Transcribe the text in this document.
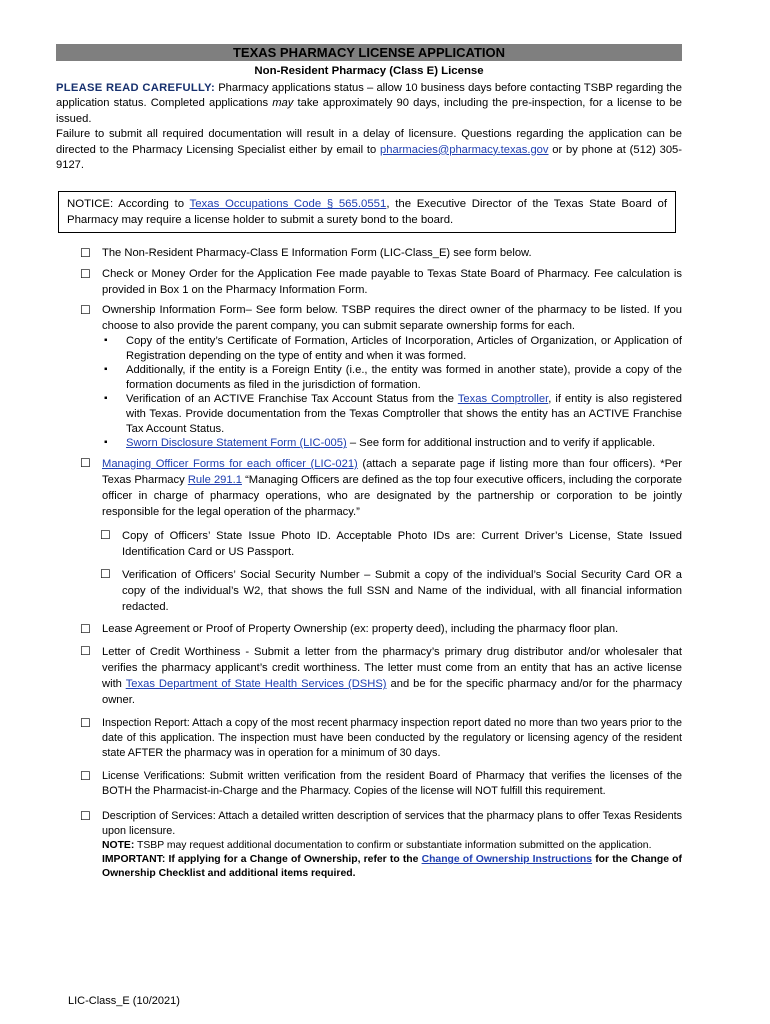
TEXAS PHARMACY LICENSE APPLICATION
Non-Resident Pharmacy (Class E) License
PLEASE READ CAREFULLY: Pharmacy applications status – allow 10 business days before contacting TSBP regarding the application status. Completed applications may take approximately 90 days, including the pre-inspection, for a license to be issued.
Failure to submit all required documentation will result in a delay of licensure. Questions regarding the application can be directed to the Pharmacy Licensing Specialist either by email to pharmacies@pharmacy.texas.gov or by phone at (512) 305-9127.
NOTICE: According to Texas Occupations Code § 565.0551, the Executive Director of the Texas State Board of Pharmacy may require a license holder to submit a surety bond to the board.
☐ The Non-Resident Pharmacy-Class E Information Form (LIC-Class_E) see form below.
☐ Check or Money Order for the Application Fee made payable to Texas State Board of Pharmacy. Fee calculation is provided in Box 1 on the Pharmacy Information Form.
☐ Ownership Information Form– See form below. TSBP requires the direct owner of the pharmacy to be listed. If you choose to also provide the parent company, you can submit separate ownership forms for each.
▪ Copy of the entity’s Certificate of Formation, Articles of Incorporation, Articles of Organization, or Application of Registration depending on the type of entity and when it was formed.
▪ Additionally, if the entity is a Foreign Entity (i.e., the entity was formed in another state), provide a copy of the formation documents as filed in the jurisdiction of formation.
▪ Verification of an ACTIVE Franchise Tax Account Status from the Texas Comptroller, if entity is also registered with Texas. Provide documentation from the Texas Comptroller that shows the entity has an ACTIVE Franchise Tax Account Status.
▪ Sworn Disclosure Statement Form (LIC-005) – See form for additional instruction and to verify if applicable.
☐ Managing Officer Forms for each officer (LIC-021) (attach a separate page if listing more than four officers). *Per Texas Pharmacy Rule 291.1 “Managing Officers are defined as the top four executive officers, including the corporate officer in charge of pharmacy operations, who are designated by the partnership or corporation to be jointly responsible for the legal operation of the pharmacy.”
☐ Copy of Officers’ State Issue Photo ID. Acceptable Photo IDs are: Current Driver’s License, State Issued Identification Card or US Passport.
☐ Verification of Officers’ Social Security Number – Submit a copy of the individual’s Social Security Card OR a copy of the individual’s W2, that shows the full SSN and Name of the individual, with all financial information redacted.
☐ Lease Agreement or Proof of Property Ownership (ex: property deed), including the pharmacy floor plan.
☐ Letter of Credit Worthiness - Submit a letter from the pharmacy’s primary drug distributor and/or wholesaler that verifies the pharmacy applicant’s credit worthiness. The letter must come from an entity that has an active license with Texas Department of State Health Services (DSHS) and be for the specific pharmacy and/or for the pharmacy owner.
☐ Inspection Report: Attach a copy of the most recent pharmacy inspection report dated no more than two years prior to the date of this application. The inspection must have been conducted by the regulatory or licensing agency of the resident state AFTER the pharmacy was in operation for a minimum of 30 days.
☐ License Verifications: Submit written verification from the resident Board of Pharmacy that verifies the licenses of the BOTH the Pharmacist-in-Charge and the Pharmacy. Copies of the license will NOT fulfill this requirement.
☐ Description of Services: Attach a detailed written description of services that the pharmacy plans to offer Texas Residents upon licensure.
NOTE: TSBP may request additional documentation to confirm or substantiate information submitted on the application.
IMPORTANT: If applying for a Change of Ownership, refer to the Change of Ownership Instructions for the Change of Ownership Checklist and additional items required.
LIC-Class_E (10/2021)
